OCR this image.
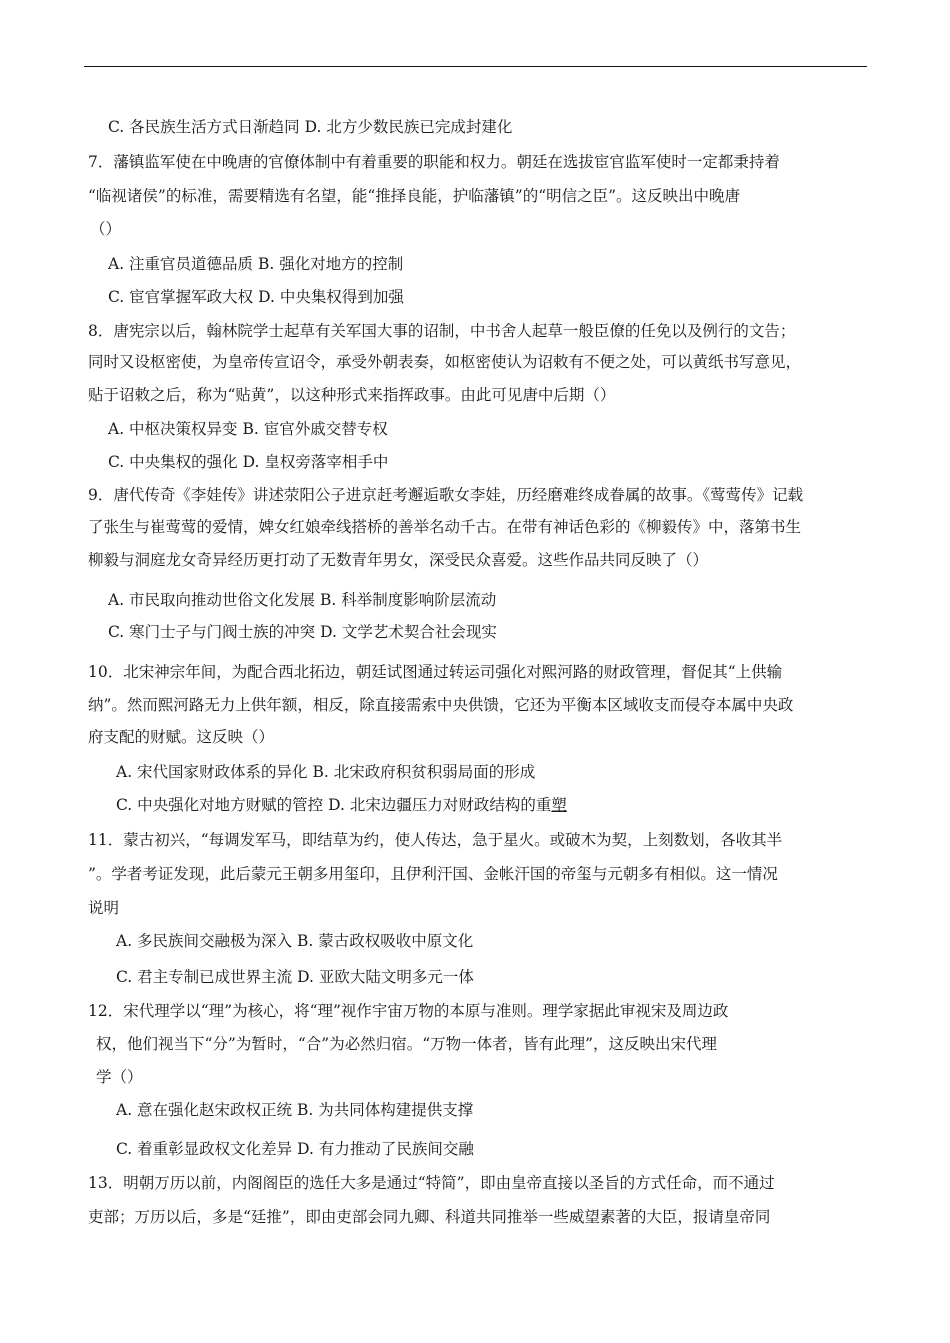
C. 各民族生活方式日渐趋同 D. 北方少数民族已完成封建化
7．藩镇监军使在中晚唐的官僚体制中有着重要的职能和权力。朝廷在选拔宦官监军使时一定都秉持着
“临视诸侯”的标准，需要精选有名望，能“推择良能，护临藩镇”的“明信之臣”。这反映出中晚唐
（）
A. 注重官员道德品质 B. 强化对地方的控制
C. 宦官掌握军政大权 D. 中央集权得到加强
8．唐宪宗以后，翰林院学士起草有关军国大事的诏制，中书舍人起草一般臣僚的任免以及例行的文告；
同时又设枢密使，为皇帝传宣诏令，承受外朝表奏，如枢密使认为诏敕有不便之处，可以黄纸书写意见，
贴于诏敕之后，称为“贴黄”，以这种形式来指挥政事。由此可见唐中后期（）
A. 中枢决策权异变 B. 宦官外戚交替专权
C. 中央集权的强化 D. 皇权旁落宰相手中
9．唐代传奇《李娃传》讲述荥阳公子进京赶考邂逅歌女李娃，历经磨难终成眷属的故事。《莺莺传》记载
了张生与崔莺莺的爱情，婢女红娘牵线搭桥的善举名动千古。在带有神话色彩的《柳毅传》中，落第书生
柳毅与洞庭龙女奇异经历更打动了无数青年男女，深受民众喜爱。这些作品共同反映了（）
A. 市民取向推动世俗文化发展 B. 科举制度影响阶层流动
C. 寒门士子与门阀士族的冲突 D. 文学艺术契合社会现实
10．北宋神宗年间，为配合西北拓边，朝廷试图通过转运司强化对熙河路的财政管理，督促其“上供输
纳”。然而熙河路无力上供年额，相反，除直接需索中央供馈，它还为平衡本区域收支而侵夺本属中央政
府支配的财赋。这反映（）
A. 宋代国家财政体系的异化 B. 北宋政府积贫积弱局面的形成
C. 中央强化对地方财赋的管控 D. 北宋边疆压力对财政结构的重塑
11．蒙古初兴，“每调发军马，即结草为约，使人传达，急于星火。或破木为契，上刻数划，各收其半
”。学者考证发现，此后蒙元王朝多用玺印，且伊利汗国、金帐汗国的帝玺与元朝多有相似。这一情况
说明
A. 多民族间交融极为深入 B. 蒙古政权吸收中原文化
C. 君主专制已成世界主流 D. 亚欧大陆文明多元一体
12．宋代理学以“理”为核心，将“理”视作宇宙万物的本原与准则。理学家据此审视宋及周边政
权，他们视当下“分”为暂时，“合”为必然归宿。“万物一体者，皆有此理”，这反映出宋代理
学（）
A. 意在强化赵宋政权正统 B. 为共同体构建提供支撑
C. 着重彰显政权文化差异 D. 有力推动了民族间交融
13．明朝万历以前，内阁阁臣的选任大多是通过“特简”，即由皇帝直接以圣旨的方式任命，而不通过
吏部；万历以后，多是“廷推”，即由吏部会同九卿、科道共同推举一些威望素著的大臣，报请皇帝同
